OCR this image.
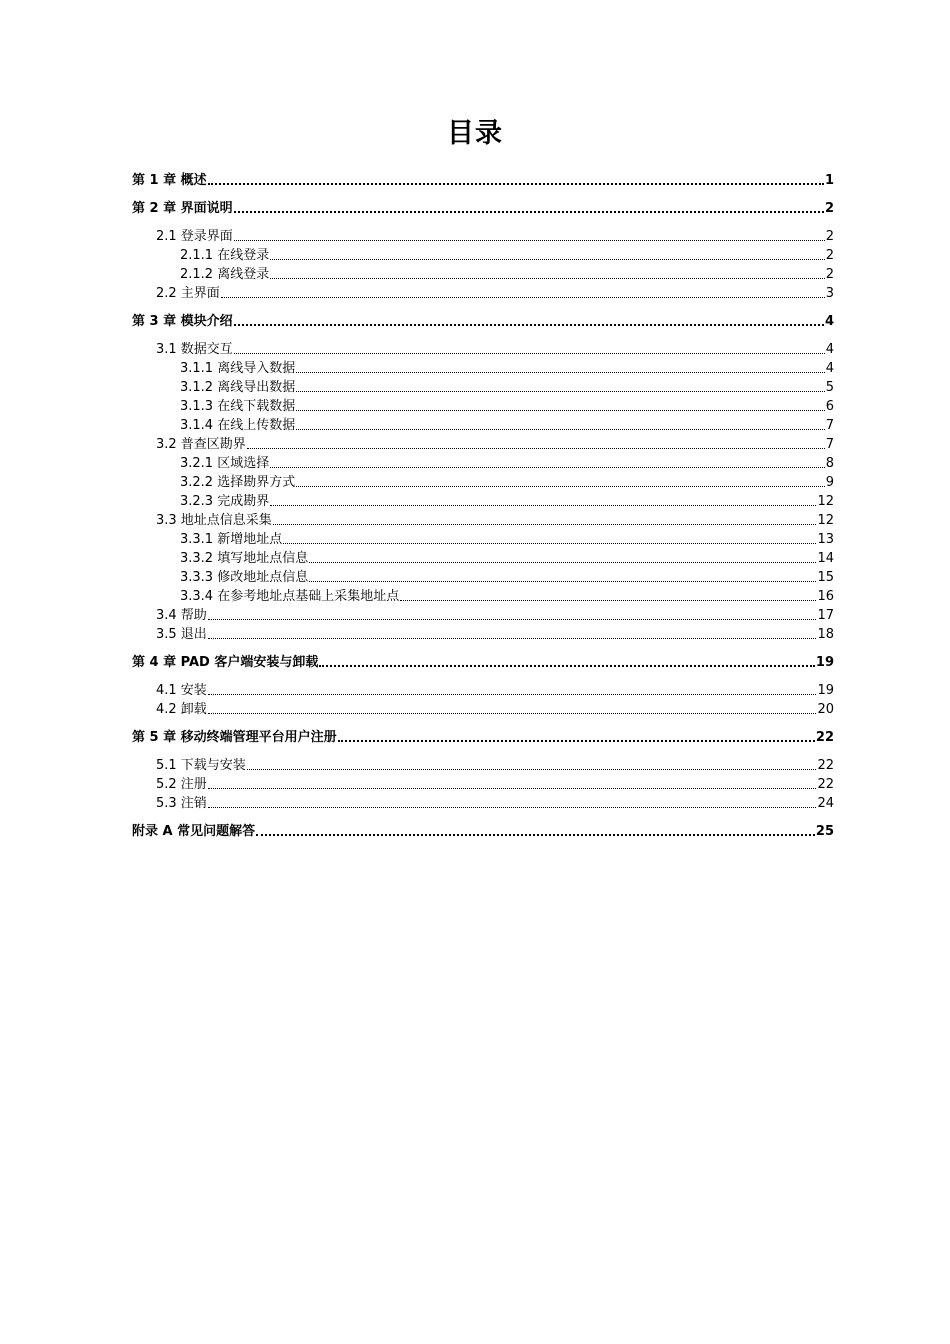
目录
第 1 章 概述	1
第 2 章 界面说明	2
2.1 登录界面	2
2.1.1 在线登录	2
2.1.2 离线登录	2
2.2 主界面	3
第 3 章 模块介绍	4
3.1 数据交互	4
3.1.1 离线导入数据	4
3.1.2 离线导出数据	5
3.1.3 在线下载数据	6
3.1.4 在线上传数据	7
3.2 普查区勘界	7
3.2.1 区域选择	8
3.2.2 选择勘界方式	9
3.2.3 完成勘界	12
3.3 地址点信息采集	12
3.3.1 新增地址点	13
3.3.2 填写地址点信息	14
3.3.3 修改地址点信息	15
3.3.4 在参考地址点基础上采集地址点	16
3.4 帮助	17
3.5 退出	18
第 4 章 PAD 客户端安装与卸载	19
4.1 安装	19
4.2 卸载	20
第 5 章 移动终端管理平台用户注册	22
5.1 下载与安装	22
5.2 注册	22
5.3 注销	24
附录 A 常见问题解答	25
